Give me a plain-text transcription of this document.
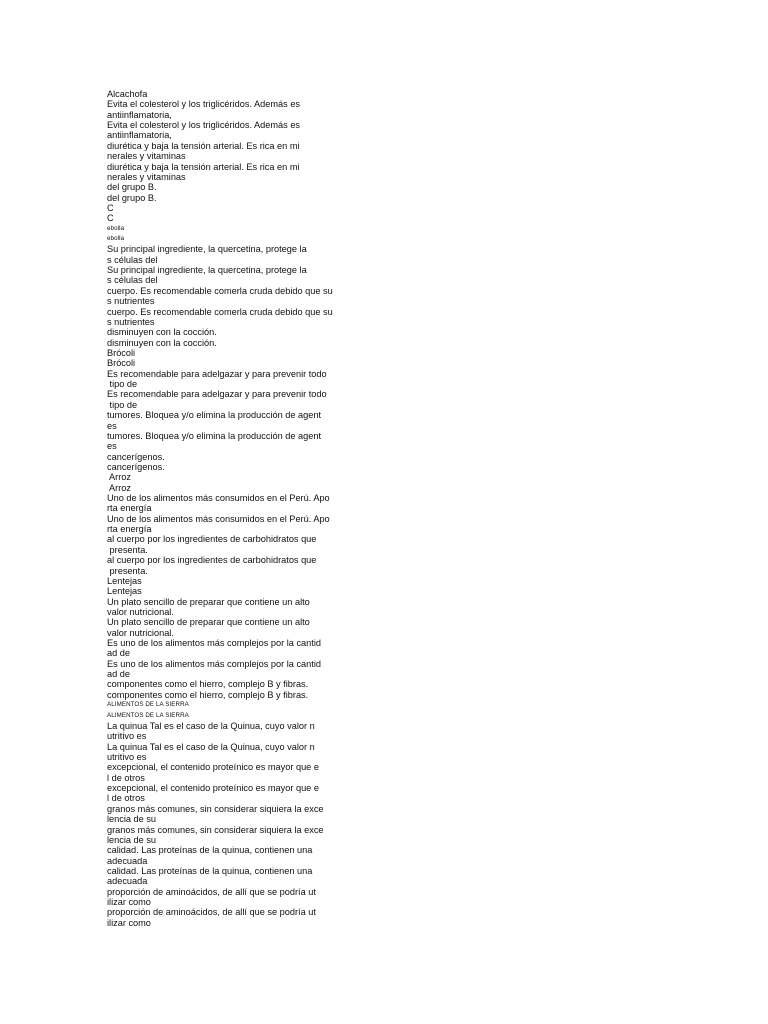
Alcachofa
Evita el colesterol y los triglicéridos. Además es
antiinflamatoria,
Evita el colesterol y los triglicéridos. Además es
antiinflamatoria,
diurética y baja la tensión arterial. Es rica en mi
nerales y vitaminas
diurética y baja la tensión arterial. Es rica en mi
nerales y vitaminas
del grupo B.
del grupo B.
C
C
ebolla
ebolla
Su principal ingrediente, la quercetina, protege la
s células del
Su principal ingrediente, la quercetina, protege la
s células del
cuerpo. Es recomendable comerla cruda debido que su
s nutrientes
cuerpo. Es recomendable comerla cruda debido que su
s nutrientes
disminuyen con la cocción.
disminuyen con la cocción.
Brócoli
Brócoli
Es recomendable para adelgazar y para prevenir todo
tipo de
Es recomendable para adelgazar y para prevenir todo
tipo de
tumores. Bloquea y/o elimina la producción de agent
es
tumores. Bloquea y/o elimina la producción de agent
es
cancerígenos.
cancerígenos.
Arroz
Arroz
Uno de los alimentos más consumidos en el Perú. Apo
rta energía
Uno de los alimentos más consumidos en el Perú. Apo
rta energía
al cuerpo por los ingredientes de carbohidratos que
presenta.
al cuerpo por los ingredientes de carbohidratos que
presenta.
Lentejas
Lentejas
Un plato sencillo de preparar que contiene un alto
valor nutricional.
Un plato sencillo de preparar que contiene un alto
valor nutricional.
Es uno de los alimentos más complejos por la cantid
ad de
Es uno de los alimentos más complejos por la cantid
ad de
componentes como el hierro, complejo B y fibras.
componentes como el hierro, complejo B y fibras.
ALIMENTOS DE LA SIERRA
ALIMENTOS DE LA SIERRA
La quinua Tal es el caso de la Quinua, cuyo valor n
utritivo es
La quinua Tal es el caso de la Quinua, cuyo valor n
utritivo es
excepcional, el contenido proteínico es mayor que e
l de otros
excepcional, el contenido proteínico es mayor que e
l de otros
granos más comunes, sin considerar siquiera la exce
lencia de su
granos más comunes, sin considerar siquiera la exce
lencia de su
calidad. Las proteínas de la quinua, contienen una
adecuada
calidad. Las proteínas de la quinua, contienen una
adecuada
proporción de aminoácidos, de allí que se podría ut
ilizar como
proporción de aminoácidos, de allí que se podría ut
ilizar como
